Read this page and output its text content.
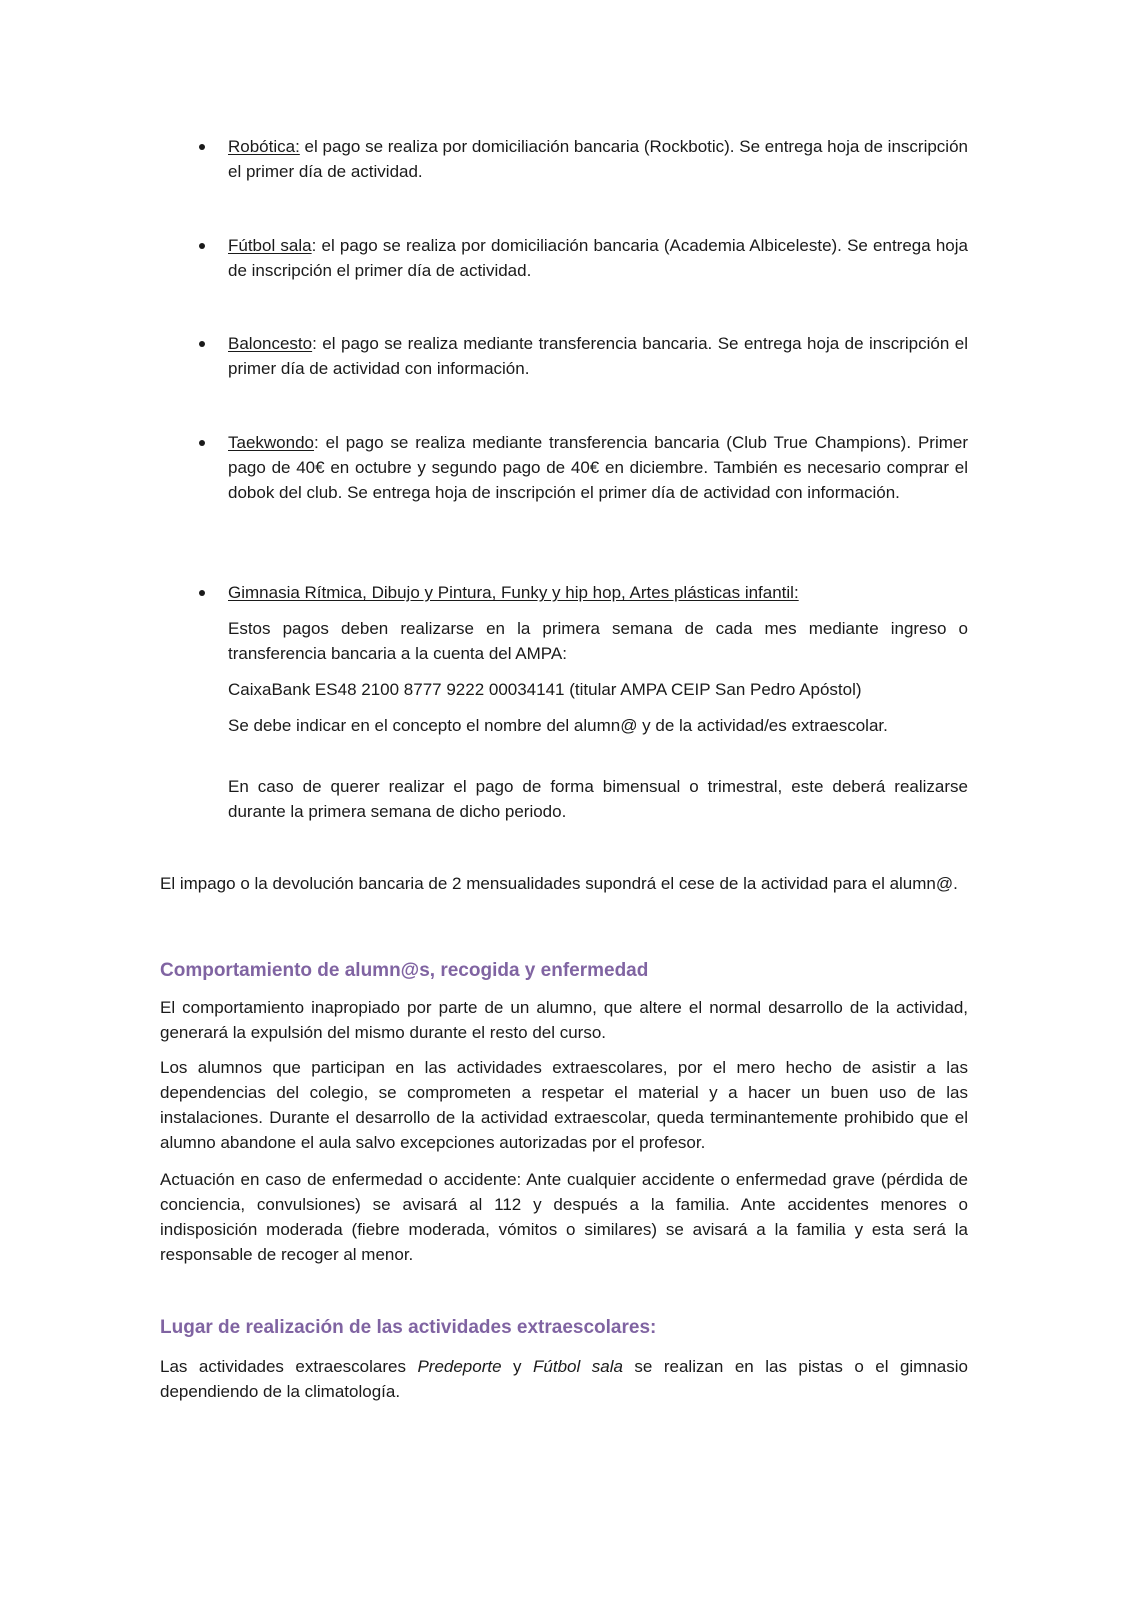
Robótica: el pago se realiza por domiciliación bancaria (Rockbotic). Se entrega hoja de inscripción el primer día de actividad.

Fútbol sala: el pago se realiza por domiciliación bancaria (Academia Albiceleste). Se entrega hoja de inscripción el primer día de actividad.

Baloncesto: el pago se realiza mediante transferencia bancaria. Se entrega hoja de inscripción el primer día de actividad con información.

Taekwondo: el pago se realiza mediante transferencia bancaria (Club True Champions). Primer pago de 40€ en octubre y segundo pago de 40€ en diciembre. También es necesario comprar el dobok del club. Se entrega hoja de inscripción el primer día de actividad con información.

Gimnasia Rítmica, Dibujo y Pintura, Funky y hip hop, Artes plásticas infantil:

Estos pagos deben realizarse en la primera semana de cada mes mediante ingreso o transferencia bancaria a la cuenta del AMPA:

CaixaBank ES48 2100 8777 9222 00034141 (titular AMPA CEIP San Pedro Apóstol)

Se debe indicar en el concepto el nombre del alumn@ y de la actividad/es extraescolar.

En caso de querer realizar el pago de forma bimensual o trimestral, este deberá realizarse durante la primera semana de dicho periodo.

El impago o la devolución bancaria de 2 mensualidades supondrá el cese de la actividad para el alumn@.

Comportamiento de alumn@s, recogida y enfermedad

El comportamiento inapropiado por parte de un alumno, que altere el normal desarrollo de la actividad, generará la expulsión del mismo durante el resto del curso.

Los alumnos que participan en las actividades extraescolares, por el mero hecho de asistir a las dependencias del colegio, se comprometen a respetar el material y a hacer un buen uso de las instalaciones. Durante el desarrollo de la actividad extraescolar, queda terminantemente prohibido que el alumno abandone el aula salvo excepciones autorizadas por el profesor.

Actuación en caso de enfermedad o accidente: Ante cualquier accidente o enfermedad grave (pérdida de conciencia, convulsiones) se avisará al 112 y después a la familia. Ante accidentes menores o indisposición moderada (fiebre moderada, vómitos o similares) se avisará a la familia y esta será la responsable de recoger al menor.

Lugar de realización de las actividades extraescolares:

Las actividades extraescolares Predeporte y Fútbol sala se realizan en las pistas o el gimnasio dependiendo de la climatología.
